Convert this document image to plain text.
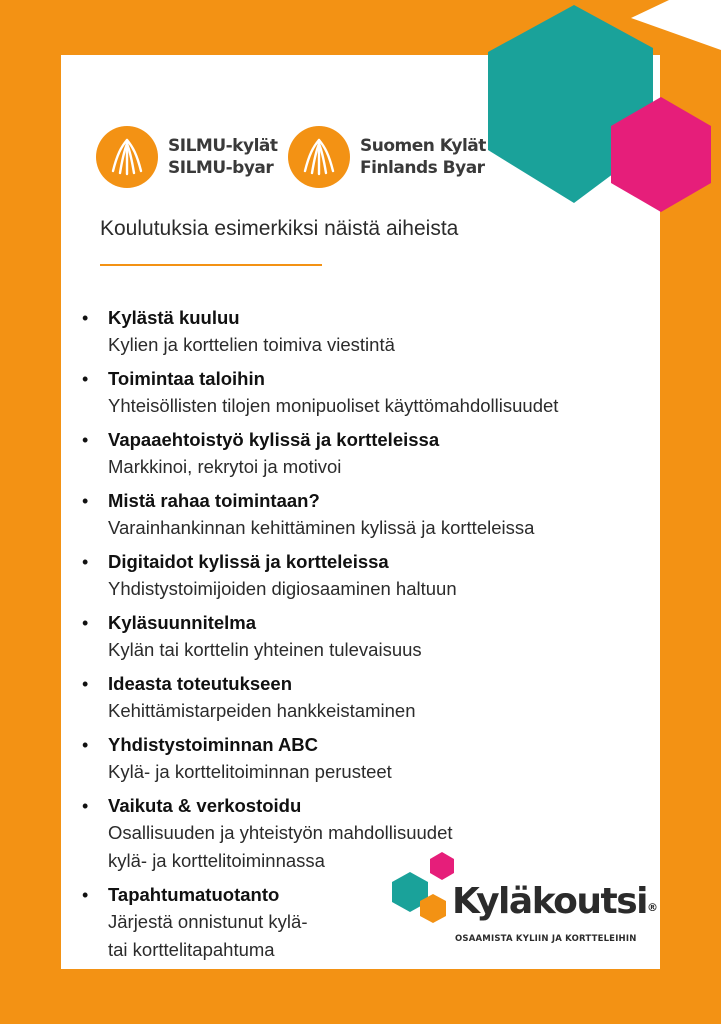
SILMU-kylät
SILMU-byar
Suomen Kylät
Finlands Byar
Koulutuksia esimerkiksi näistä aiheista
•	Kylästä kuuluu
Kylien ja korttelien toimiva viestintä
•	Toimintaa taloihin
Yhteisöllisten tilojen monipuoliset käyttömahdollisuudet
•	Vapaaehtoistyö kylissä ja kortteleissa
Markkinoi, rekrytoi ja motivoi
•	Mistä rahaa toimintaan?
Varainhankinnan kehittäminen kylissä ja kortteleissa
•	Digitaidot kylissä ja kortteleissa
Yhdistystoimijoiden digiosaaminen haltuun
•	Kyläsuunnitelma
Kylän tai korttelin yhteinen tulevaisuus
•	Ideasta toteutukseen
Kehittämistarpeiden hankkeistaminen
•	Yhdistystoiminnan ABC
Kylä- ja korttelitoiminnan perusteet
•	Vaikuta & verkostoidu
Osallisuuden ja yhteistyön mahdollisuudet
kylä- ja korttelitoiminnassa
•	Tapahtumatuotanto
Järjestä onnistunut kylä-
tai korttelitapahtuma
Kyläkoutsi®
OSAAMISTA KYLIIN JA KORTTELEIHIN
